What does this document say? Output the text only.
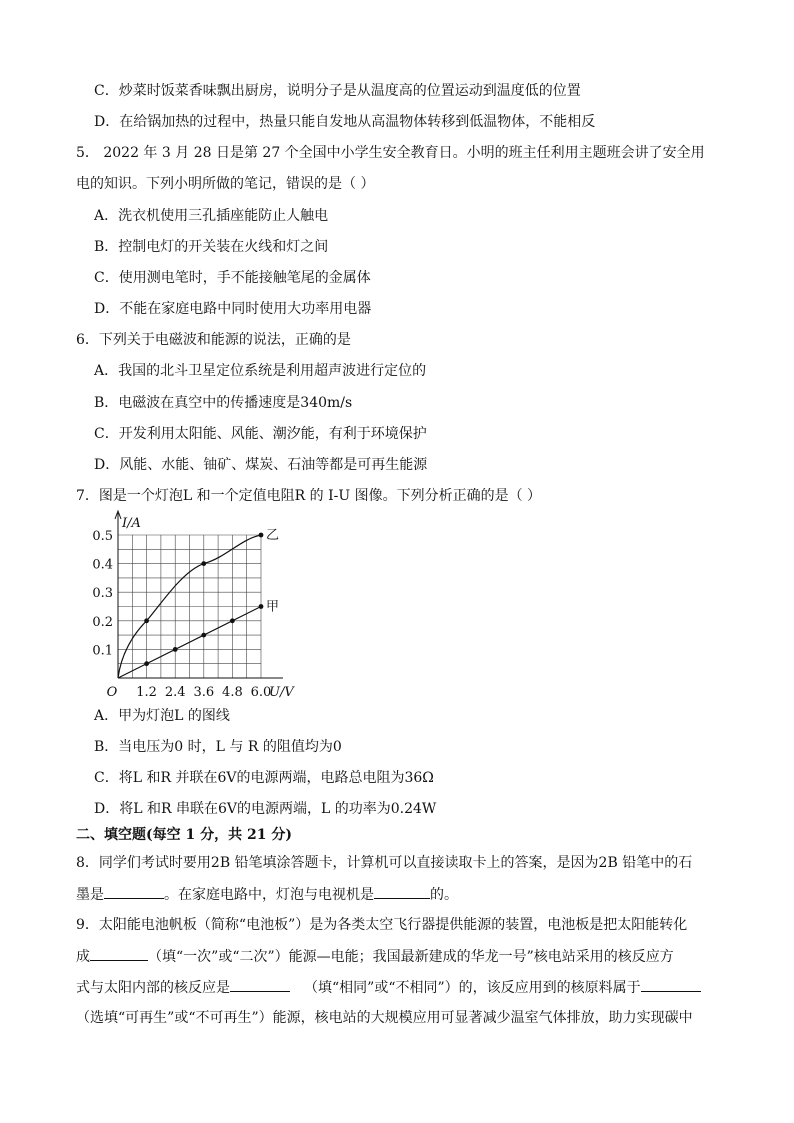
C．炒菜时饭菜香味飘出厨房，说明分子是从温度高的位置运动到温度低的位置
D．在给锅加热的过程中，热量只能自发地从高温物体转移到低温物体，不能相反
5． 2022 年 3 月 28 日是第 27 个全国中小学生安全教育日。小明的班主任利用主题班会讲了安全用
电的知识。下列小明所做的笔记，错误的是（ ）
A．洗衣机使用三孔插座能防止人触电
B．控制电灯的开关装在火线和灯之间
C．使用测电笔时，手不能接触笔尾的金属体
D．不能在家庭电路中同时使用大功率用电器
6．下列关于电磁波和能源的说法，正确的是
A．我国的北斗卫星定位系统是利用超声波进行定位的
B．电磁波在真空中的传播速度是340m/s
C．开发利用太阳能、风能、潮汐能，有利于环境保护
D．风能、水能、铀矿、煤炭、石油等都是可再生能源
7．图是一个灯泡L 和一个定值电阻R 的 I-U 图像。下列分析正确的是（ ）
1.2 2.4 3.6 4.8 6.0
0.1
0.2
0.3
0.4
0.5
O
I/A
U/V
乙
甲
A．甲为灯泡L 的图线
B．当电压为0 时，L 与 R 的阻值均为0
C．将L 和R 并联在6V的电源两端，电路总电阻为36Ω
D．将L 和R 串联在6V的电源两端，L 的功率为0.24W
二、填空题(每空 1 分，共 21 分)
8．同学们考试时要用2B 铅笔填涂答题卡，计算机可以直接读取卡上的答案，是因为2B 铅笔中的石
墨是	。在家庭电路中，灯泡与电视机是	的。
9．太阳能电池帆板（简称“电池板”）是为各类太空飞行器提供能源的装置，电池板是把太阳能转化
成	（填“一次”或“二次”）能源—电能；我国最新建成的华龙一号”核电站采用的核反应方
式与太阳内部的核反应是	（填“相同”或“不相同”）的，该反应用到的核原料属于
（选填“可再生”或“不可再生”）能源，核电站的大规模应用可显著减少温室气体排放，助力实现碳中
